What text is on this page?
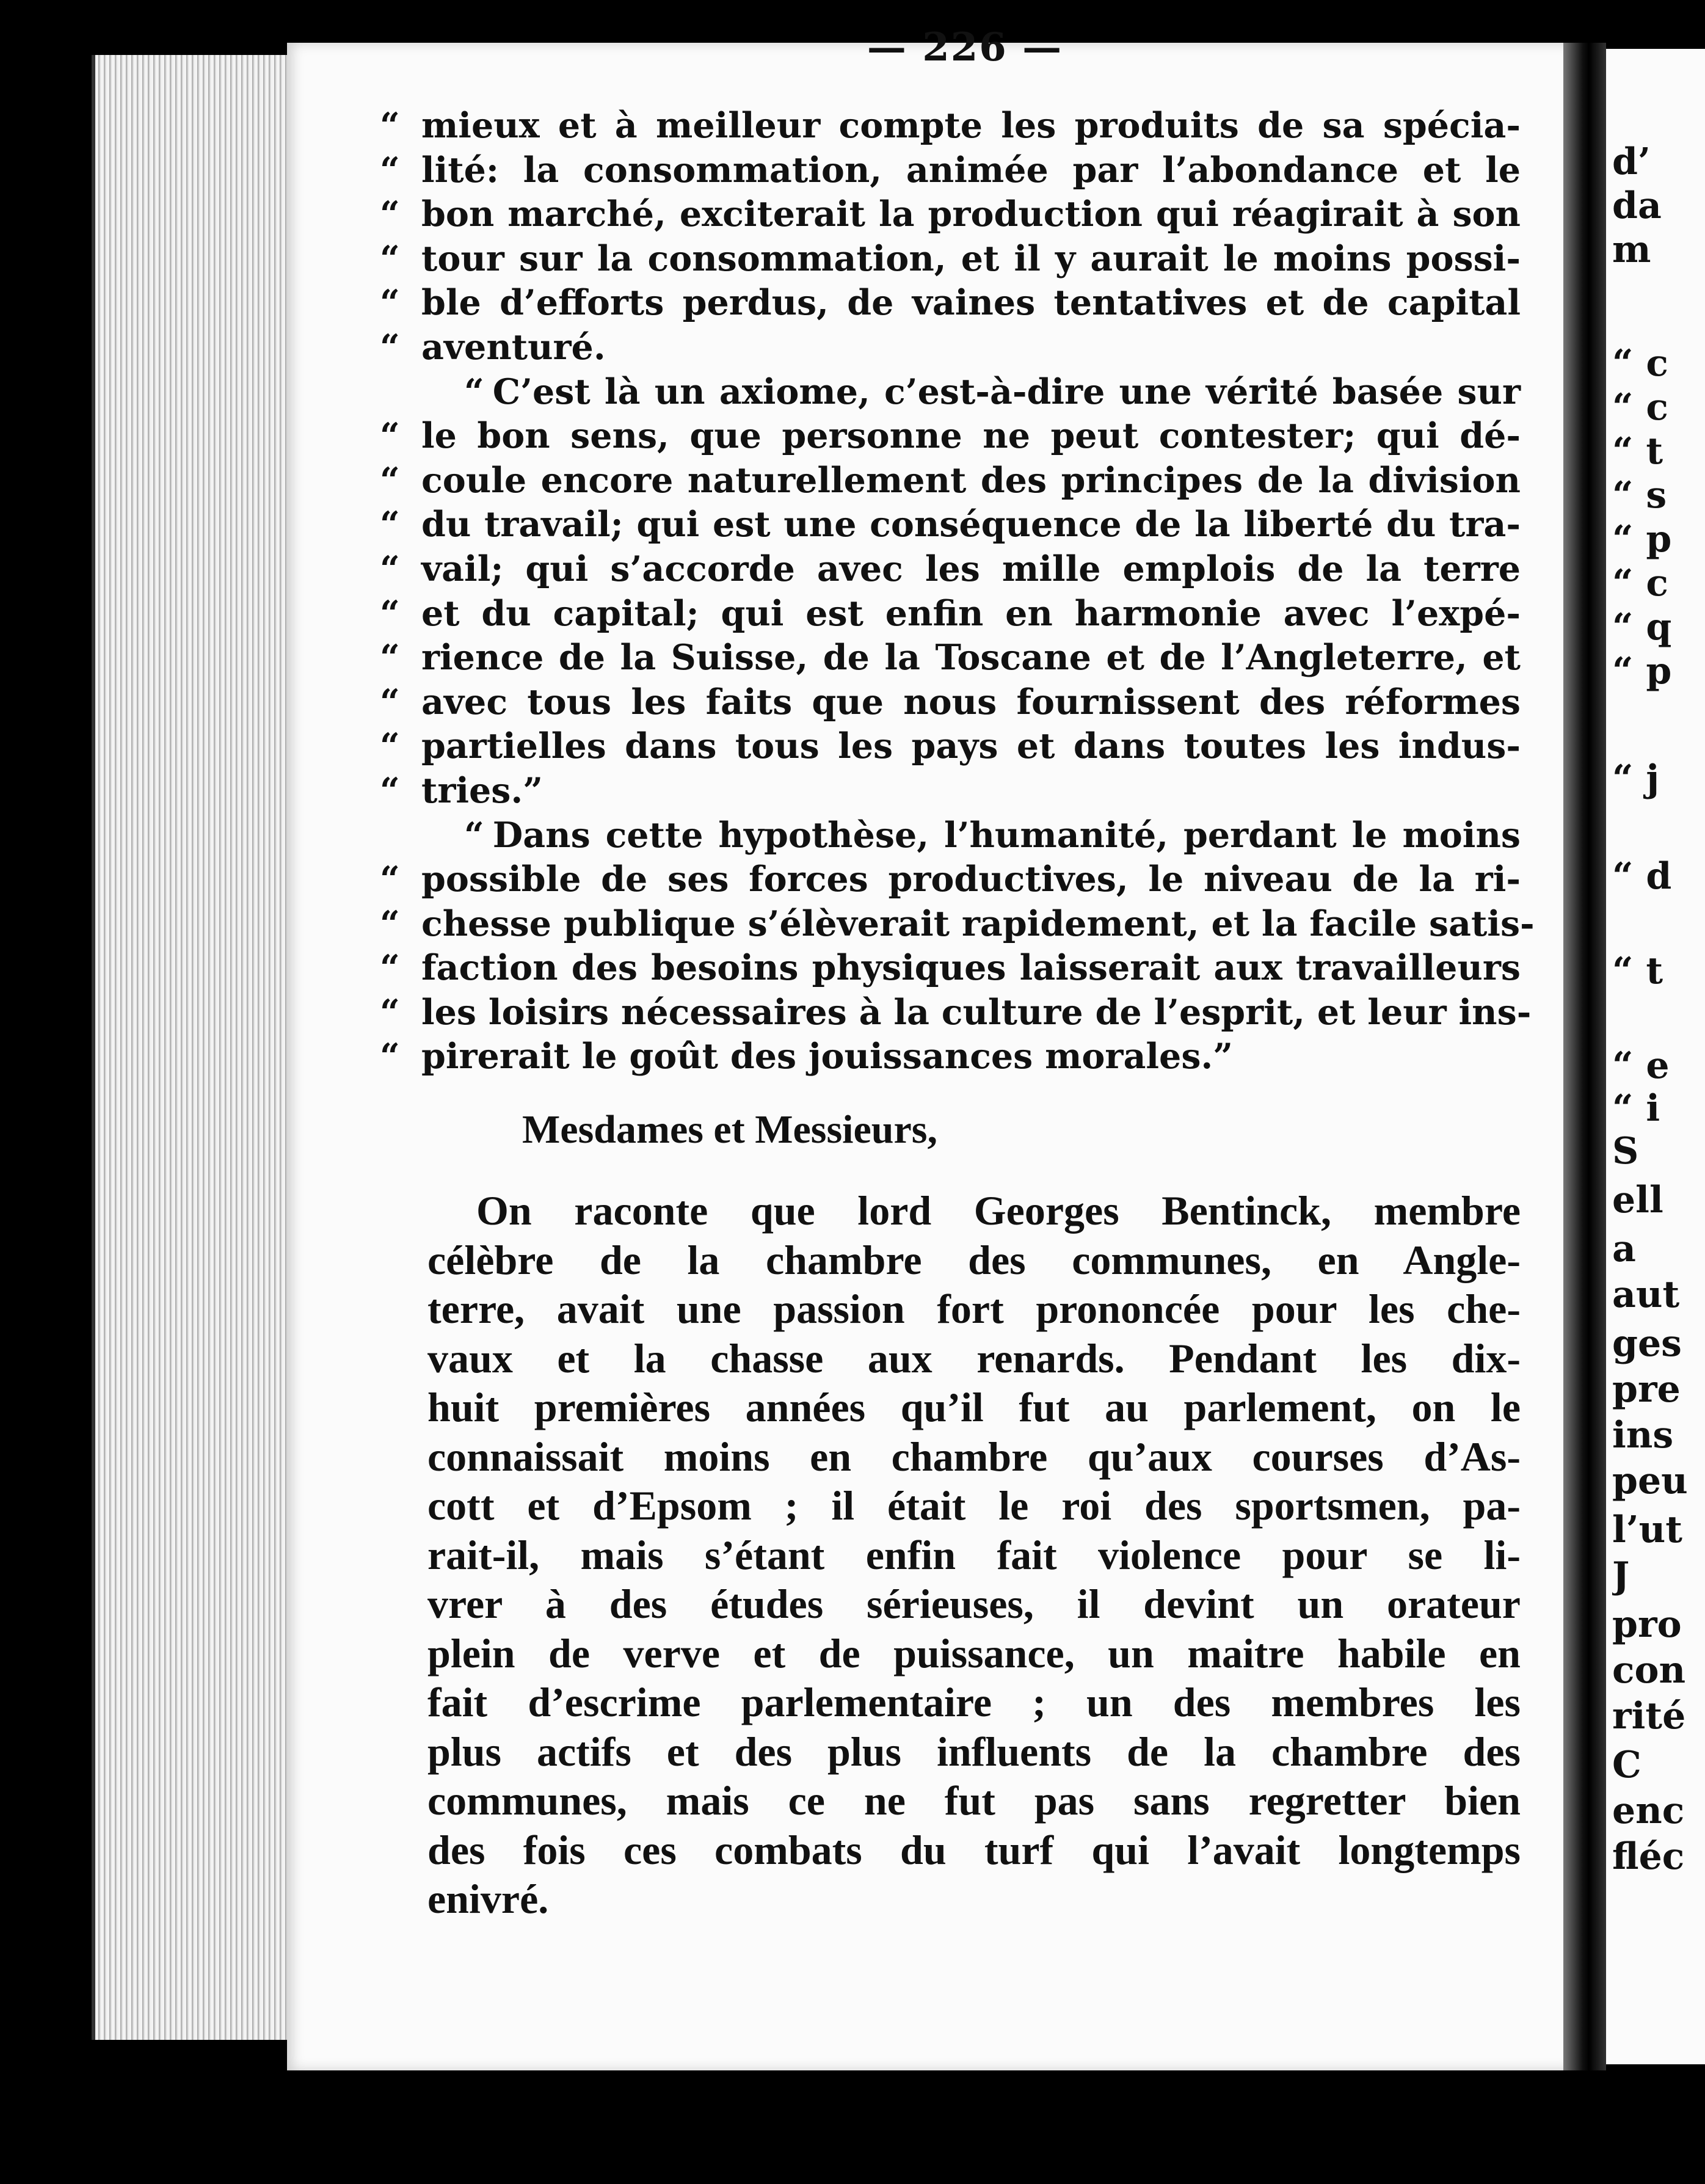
— 226 —
“ mieux et à meilleur compte les produits de sa spécia-
“ lité: la consommation, animée par l’abondance et le
“ bon marché, exciterait la production qui réagirait à son
“ tour sur la consommation, et il y aurait le moins possi-
“ ble d’efforts perdus, de vaines tentatives et de capital
“ aventuré.
“ C’est là un axiome, c’est-à-dire une vérité basée sur
“ le bon sens, que personne ne peut contester; qui dé-
“ coule encore naturellement des principes de la division
“ du travail; qui est une conséquence de la liberté du tra-
“ vail; qui s’accorde avec les mille emplois de la terre
“ et du capital; qui est enfin en harmonie avec l’expé-
“ rience de la Suisse, de la Toscane et de l’Angleterre, et
“ avec tous les faits que nous fournissent des réformes
“ partielles dans tous les pays et dans toutes les indus-
“ tries.”
“ Dans cette hypothèse, l’humanité, perdant le moins
“ possible de ses forces productives, le niveau de la ri-
“ chesse publique s’élèverait rapidement, et la facile satis-
“ faction des besoins physiques laisserait aux travailleurs
“ les loisirs nécessaires à la culture de l’esprit, et leur ins-
“ pirerait le goût des jouissances morales.”
Mesdames et Messieurs,
On raconte que lord Georges Bentinck, membre
célèbre de la chambre des communes, en Angle-
terre, avait une passion fort prononcée pour les che-
vaux et la chasse aux renards. Pendant les dix-
huit premières années qu’il fut au parlement, on le
connaissait moins en chambre qu’aux courses d’As-
cott et d’Epsom ; il était le roi des sportsmen, pa-
rait-il, mais s’étant enfin fait violence pour se li-
vrer à des études sérieuses, il devint un orateur
plein de verve et de puissance, un maitre habile en
fait d’escrime parlementaire ; un des membres les
plus actifs et des plus influents de la chambre des
communes, mais ce ne fut pas sans regretter bien
des fois ces combats du turf qui l’avait longtemps
enivré.
d’
da
m
“ c
“ c
“ t
“ s
“ p
“ c
“ q
“ p
“ j
“ d
“ t
“ e
“ i
S
ell
a
aut
ges
pre
ins
peu
l’ut
J
pro
con
rité
C
enc
fléc
